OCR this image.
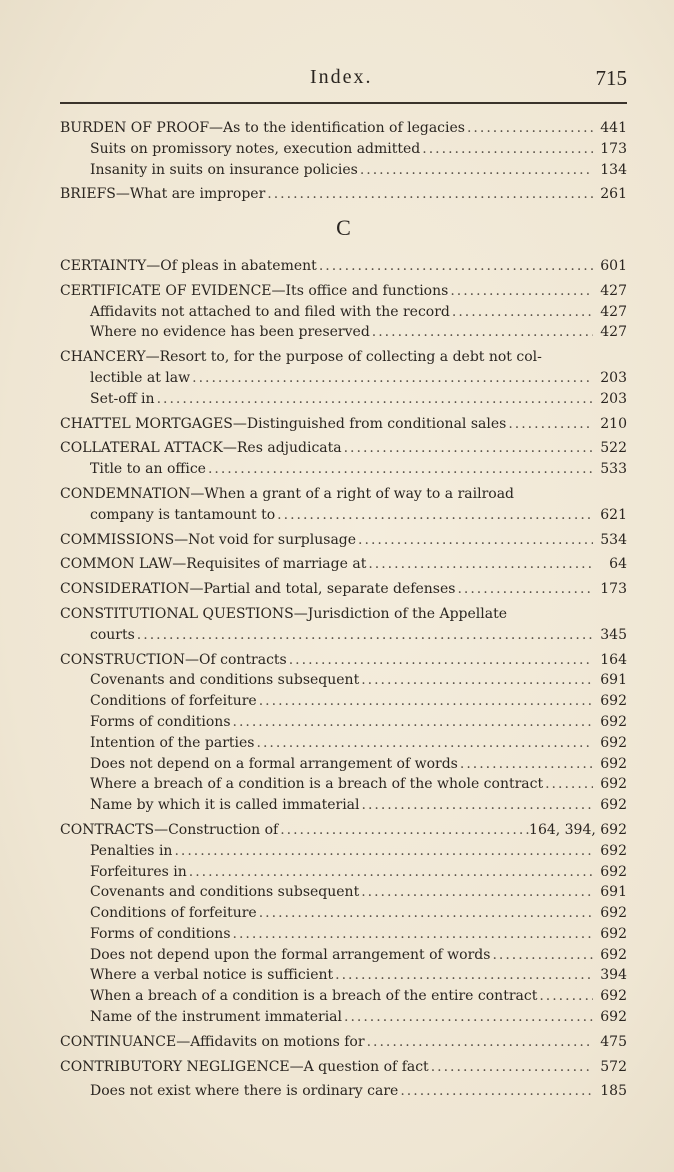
Index.	715
BURDEN OF PROOF—As to the identification of legacies .....	441
Suits on promissory notes, execution admitted .....	173
Insanity in suits on insurance policies .....	134
BRIEFS—What are improper .....	261
C
CERTAINTY—Of pleas in abatement .....	601
CERTIFICATE OF EVIDENCE—Its office and functions .....	427
Affidavits not attached to and filed with the record .....	427
Where no evidence has been preserved .....	427
CHANCERY—Resort to, for the purpose of collecting a debt not col-
lectible at law .....	203
Set-off in .....	203
CHATTEL MORTGAGES—Distinguished from conditional sales .....	210
COLLATERAL ATTACK—Res adjudicata .....	522
Title to an office .....	533
CONDEMNATION—When a grant of a right of way to a railroad
company is tantamount to .....	621
COMMISSIONS—Not void for surplusage .....	534
COMMON LAW—Requisites of marriage at .....	64
CONSIDERATION—Partial and total, separate defenses .....	173
CONSTITUTIONAL QUESTIONS—Jurisdiction of the Appellate
courts .....	345
CONSTRUCTION—Of contracts .....	164
Covenants and conditions subsequent .....	691
Conditions of forfeiture .....	692
Forms of conditions .....	692
Intention of the parties .....	692
Does not depend on a formal arrangement of words .....	692
Where a breach of a condition is a breach of the whole contract .....	692
Name by which it is called immaterial .....	692
CONTRACTS—Construction of .....	164, 394, 692
Penalties in .....	692
Forfeitures in .....	692
Covenants and conditions subsequent .....	691
Conditions of forfeiture .....	692
Forms of conditions .....	692
Does not depend upon the formal arrangement of words .....	692
Where a verbal notice is sufficient .....	394
When a breach of a condition is a breach of the entire contract .....	692
Name of the instrument immaterial .....	692
CONTINUANCE—Affidavits on motions for .....	475
CONTRIBUTORY NEGLIGENCE—A question of fact .....	572
Does not exist where there is ordinary care .....	185
